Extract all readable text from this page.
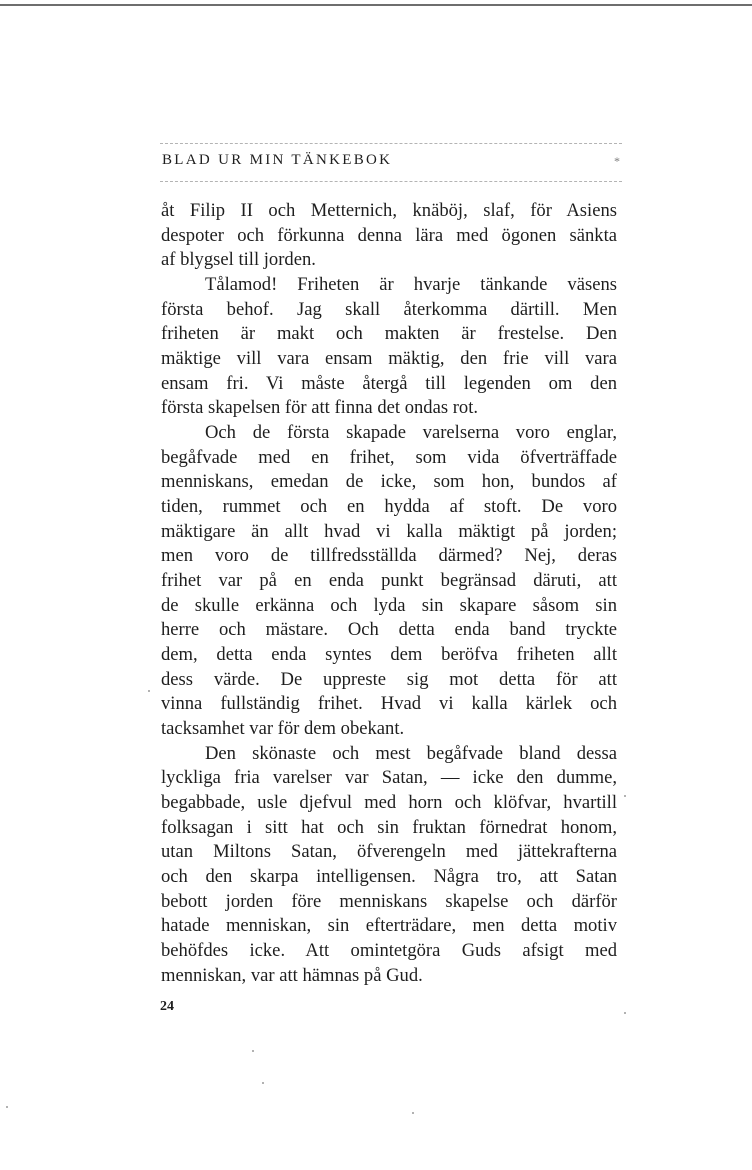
BLAD UR MIN TÄNKEBOK	*
åt Filip II och Metternich, knäböj, slaf, för Asiens
despoter och förkunna denna lära med ögonen sänkta
af blygsel till jorden.
Tålamod! Friheten är hvarje tänkande väsens
första behof. Jag skall återkomma därtill. Men
friheten är makt och makten är frestelse. Den
mäktige vill vara ensam mäktig, den frie vill vara
ensam fri. Vi måste återgå till legenden om den
första skapelsen för att finna det ondas rot.
Och de första skapade varelserna voro englar,
begåfvade med en frihet, som vida öfverträffade
menniskans, emedan de icke, som hon, bundos af
tiden, rummet och en hydda af stoft. De voro
mäktigare än allt hvad vi kalla mäktigt på jorden;
men voro de tillfredsställda därmed? Nej, deras
frihet var på en enda punkt begränsad däruti, att
de skulle erkänna och lyda sin skapare såsom sin
herre och mästare. Och detta enda band tryckte
dem, detta enda syntes dem beröfva friheten allt
dess värde. De uppreste sig mot detta för att
vinna fullständig frihet. Hvad vi kalla kärlek och
tacksamhet var för dem obekant.
Den skönaste och mest begåfvade bland dessa
lyckliga fria varelser var Satan, — icke den dumme,
begabbade, usle djefvul med horn och klöfvar, hvartill
folksagan i sitt hat och sin fruktan förnedrat honom,
utan Miltons Satan, öfverengeln med jättekrafterna
och den skarpa intelligensen. Några tro, att Satan
bebott jorden före menniskans skapelse och därför
hatade menniskan, sin efterträdare, men detta motiv
behöfdes icke. Att omintetgöra Guds afsigt med
menniskan, var att hämnas på Gud.
24
